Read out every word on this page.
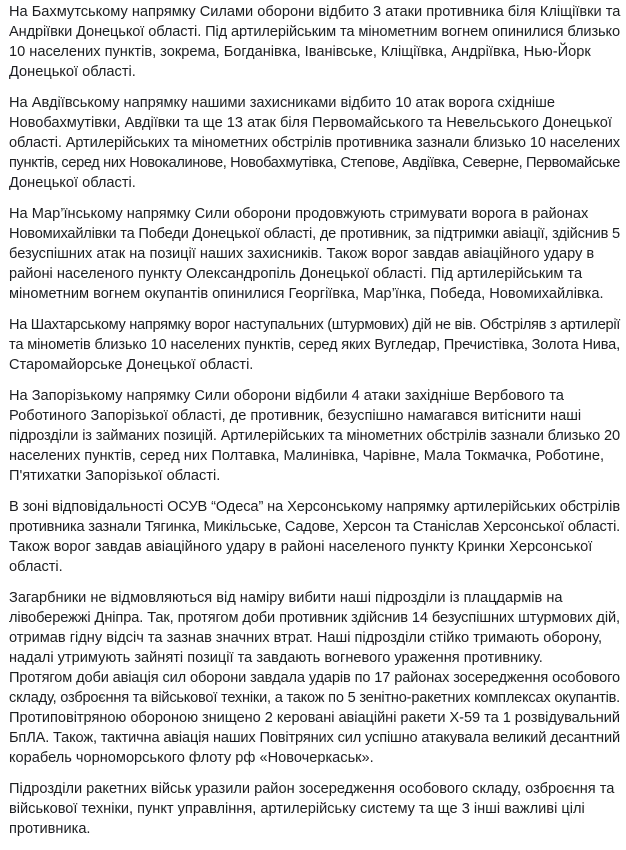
На Бахмутському напрямку Силами оборони відбито 3 атаки противника біля Кліщіївки та
Андріївки Донецької області. Під артилерійським та мінометним вогнем опинилися близько
10 населених пунктів, зокрема, Богданівка, Іванівське, Кліщіївка, Андріївка, Нью-Йорк
Донецької області.

На Авдіївському напрямку нашими захисниками відбито 10 атак ворога східніше
Новобахмутівки, Авдіївки та ще 13 атак біля Первомайського та Невельського Донецької
області. Артилерійських та мінометних обстрілів противника зазнали близько 10 населених
пунктів, серед них Новокалинове, Новобахмутівка, Степове, Авдіївка, Северне, Первомайське
Донецької області.

На Мар’їнському напрямку Сили оборони продовжують стримувати ворога в районах
Новомихайлівки та Победи Донецької області, де противник, за підтримки авіації, здійснив 5
безуспішних атак на позиції наших захисників. Також ворог завдав авіаційного удару в
районі населеного пункту Олександропіль Донецької області. Під артилерійським та
мінометним вогнем окупантів опинилися Георгіївка, Мар’їнка, Победа, Новомихайлівка.

На Шахтарському напрямку ворог наступальних (штурмових) дій не вів. Обстріляв з артилерії
та мінометів близько 10 населених пунктів, серед яких Вугледар, Пречистівка, Золота Нива,
Старомайорське Донецької області.

На Запорізькому напрямку Сили оборони відбили 4 атаки західніше Вербового та
Роботиного Запорізької області, де противник, безуспішно намагався витіснити наші
підрозділи із займаних позицій. Артилерійських та мінометних обстрілів зазнали близько 20
населених пунктів, серед них Полтавка, Малинівка, Чарівне, Мала Токмачка, Роботине,
П'ятихатки Запорізької області.

В зоні відповідальності ОСУВ “Одеса” на Херсонському напрямку артилерійських обстрілів
противника зазнали Тягинка, Микільське, Садове, Херсон та Станіслав Херсонської області.
Також ворог завдав авіаційного удару в районі населеного пункту Кринки Херсонської
області.

Загарбники не відмовляються від наміру вибити наші підрозділи із плацдармів на
лівобережжі Дніпра. Так, протягом доби противник здійснив 14 безуспішних штурмових дій,
отримав гідну відсіч та зазнав значних втрат. Наші підрозділи стійко тримають оборону,
надалі утримують зайняті позиції та завдають вогневого ураження противнику.
Протягом доби авіація сил оборони завдала ударів по 17 районах зосередження особового
складу, озброєння та військової техніки, а також по 5 зенітно-ракетних комплексах окупантів.
Протиповітряною обороною знищено 2 керовані авіаційні ракети Х-59 та 1 розвідувальний
БпЛА. Також, тактична авіація наших Повітряних сил успішно атакувала великий десантний
корабель чорноморського флоту рф «Новочеркаськ».

Підрозділи ракетних військ уразили район зосередження особового складу, озброєння та
військової техніки, пункт управління, артилерійську систему та ще 3 інші важливі цілі
противника.
